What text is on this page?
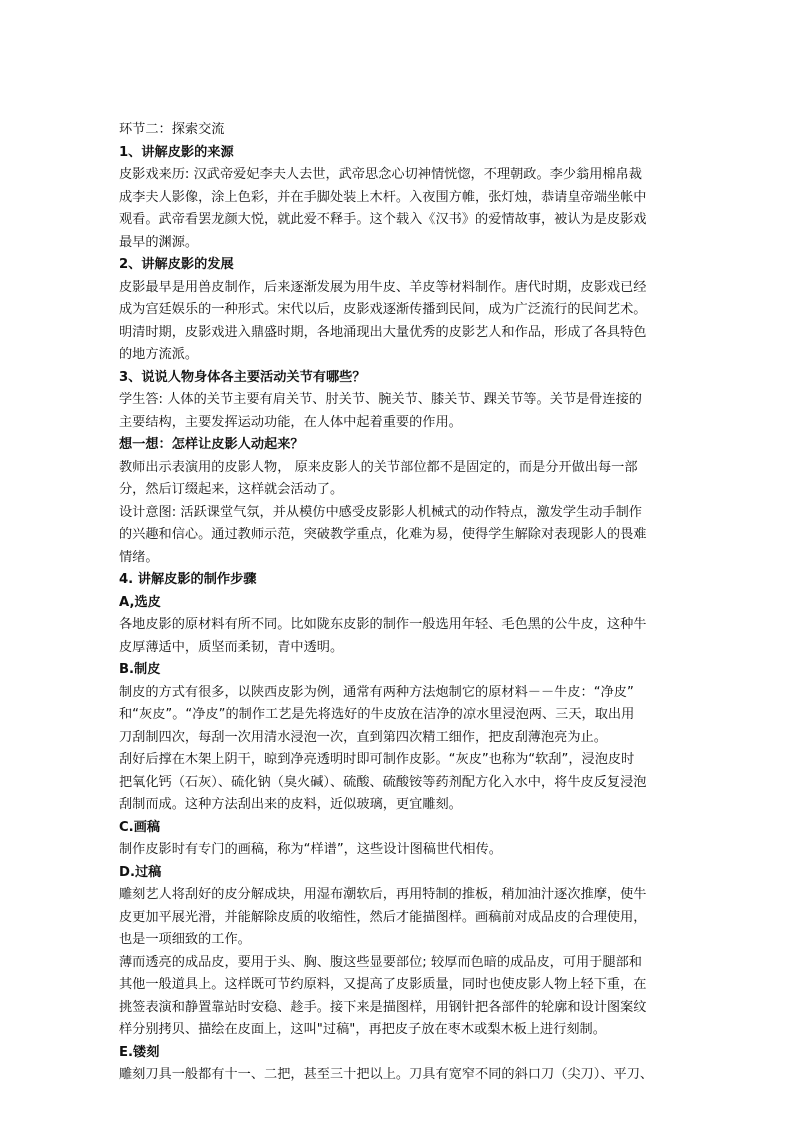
环节二：探索交流
1、讲解皮影的来源
皮影戏来历: 汉武帝爱妃李夫人去世，武帝思念心切神情恍惚，不理朝政。李少翁用棉帛裁
成李夫人影像，涂上色彩，并在手脚处装上木杆。入夜围方帷，张灯烛，恭请皇帝端坐帐中
观看。武帝看罢龙颜大悦，就此爱不释手。这个载入《汉书》的爱情故事，被认为是皮影戏
最早的渊源。
2、讲解皮影的发展
皮影最早是用兽皮制作，后来逐渐发展为用牛皮、羊皮等材料制作。唐代时期，皮影戏已经
成为宫廷娱乐的一种形式。宋代以后，皮影戏逐渐传播到民间，成为广泛流行的民间艺术。
明清时期，皮影戏进入鼎盛时期，各地涌现出大量优秀的皮影艺人和作品，形成了各具特色
的地方流派。
3、说说人物身体各主要活动关节有哪些？
学生答: 人体的关节主要有肩关节、肘关节、腕关节、膝关节、踝关节等。关节是骨连接的
主要结构，主要发挥运动功能，在人体中起着重要的作用。
想一想：怎样让皮影人动起来？
教师出示表演用的皮影人物， 原来皮影人的关节部位都不是固定的，而是分开做出每一部
分，然后订缀起来，这样就会活动了。
设计意图: 活跃课堂气氛，并从模仿中感受皮影影人机械式的动作特点，激发学生动手制作
的兴趣和信心。通过教师示范，突破教学重点，化难为易，使得学生解除对表现影人的畏难
情绪。
4. 讲解皮影的制作步骤
A,选皮
各地皮影的原材料有所不同。比如陇东皮影的制作一般选用年轻、毛色黑的公牛皮，这种牛
皮厚薄适中，质坚而柔韧，青中透明。
B.制皮
制皮的方式有很多，以陕西皮影为例，通常有两种方法炮制它的原材料－－牛皮：“净皮”
和“灰皮”。“净皮”的制作工艺是先将选好的牛皮放在洁净的凉水里浸泡两、三天，取出用
刀刮制四次，每刮一次用清水浸泡一次，直到第四次精工细作，把皮刮薄泡亮为止。
刮好后撑在木架上阴干，晾到净亮透明时即可制作皮影。“灰皮”也称为“软刮”，浸泡皮时
把氧化钙（石灰）、硫化钠（臭火碱）、硫酸、硫酸铵等药剂配方化入水中，将牛皮反复浸泡
刮制而成。这种方法刮出来的皮料，近似玻璃，更宜雕刻。
C.画稿
制作皮影时有专门的画稿，称为“样谱”，这些设计图稿世代相传。
D.过稿
雕刻艺人将刮好的皮分解成块，用湿布潮软后，再用特制的推板，稍加油汁逐次推摩，使牛
皮更加平展光滑，并能解除皮质的收缩性，然后才能描图样。画稿前对成品皮的合理使用，
也是一项细致的工作。
薄而透亮的成品皮，要用于头、胸、腹这些显要部位; 较厚而色暗的成品皮，可用于腿部和
其他一般道具上。这样既可节约原料，又提高了皮影质量，同时也使皮影人物上轻下重，在
挑签表演和静置靠站时安稳、趁手。接下来是描图样，用钢针把各部件的轮廓和设计图案纹
样分别拷贝、描绘在皮面上，这叫"过稿"，再把皮子放在枣木或梨木板上进行刻制。
E.镂刻
雕刻刀具一般都有十一、二把，甚至三十把以上。刀具有宽窄不同的斜口刀（尖刀）、平刀、
